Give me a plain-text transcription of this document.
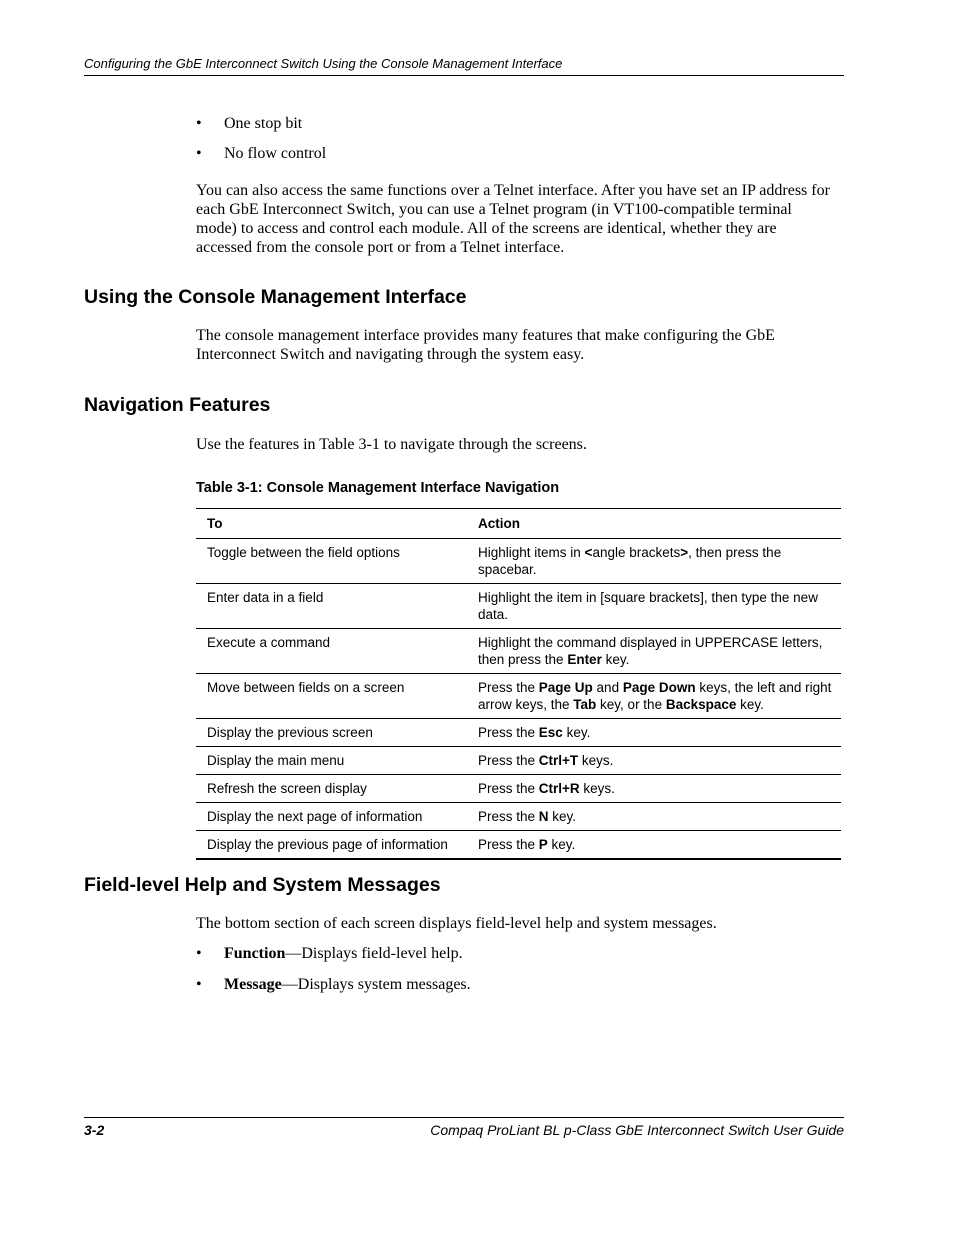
Configuring the GbE Interconnect Switch Using the Console Management Interface
• One stop bit
• No flow control

You can also access the same functions over a Telnet interface. After you have set an IP address for each GbE Interconnect Switch, you can use a Telnet program (in VT100-compatible terminal mode) to access and control each module. All of the screens are identical, whether they are accessed from the console port or from a Telnet interface.

Using the Console Management Interface

The console management interface provides many features that make configuring the GbE Interconnect Switch and navigating through the system easy.

Navigation Features

Use the features in Table 3-1 to navigate through the screens.

Table 3-1: Console Management Interface Navigation
To	Action
Toggle between the field options	Highlight items in <angle brackets>, then press the spacebar.
Enter data in a field	Highlight the item in [square brackets], then type the new data.
Execute a command	Highlight the command displayed in UPPERCASE letters, then press the Enter key.
Move between fields on a screen	Press the Page Up and Page Down keys, the left and right arrow keys, the Tab key, or the Backspace key.
Display the previous screen	Press the Esc key.
Display the main menu	Press the Ctrl+T keys.
Refresh the screen display	Press the Ctrl+R keys.
Display the next page of information	Press the N key.
Display the previous page of information	Press the P key.
Field-level Help and System Messages

The bottom section of each screen displays field-level help and system messages.

• Function—Displays field-level help.
• Message—Displays system messages.
3-2	Compaq ProLiant BL p-Class GbE Interconnect Switch User Guide
